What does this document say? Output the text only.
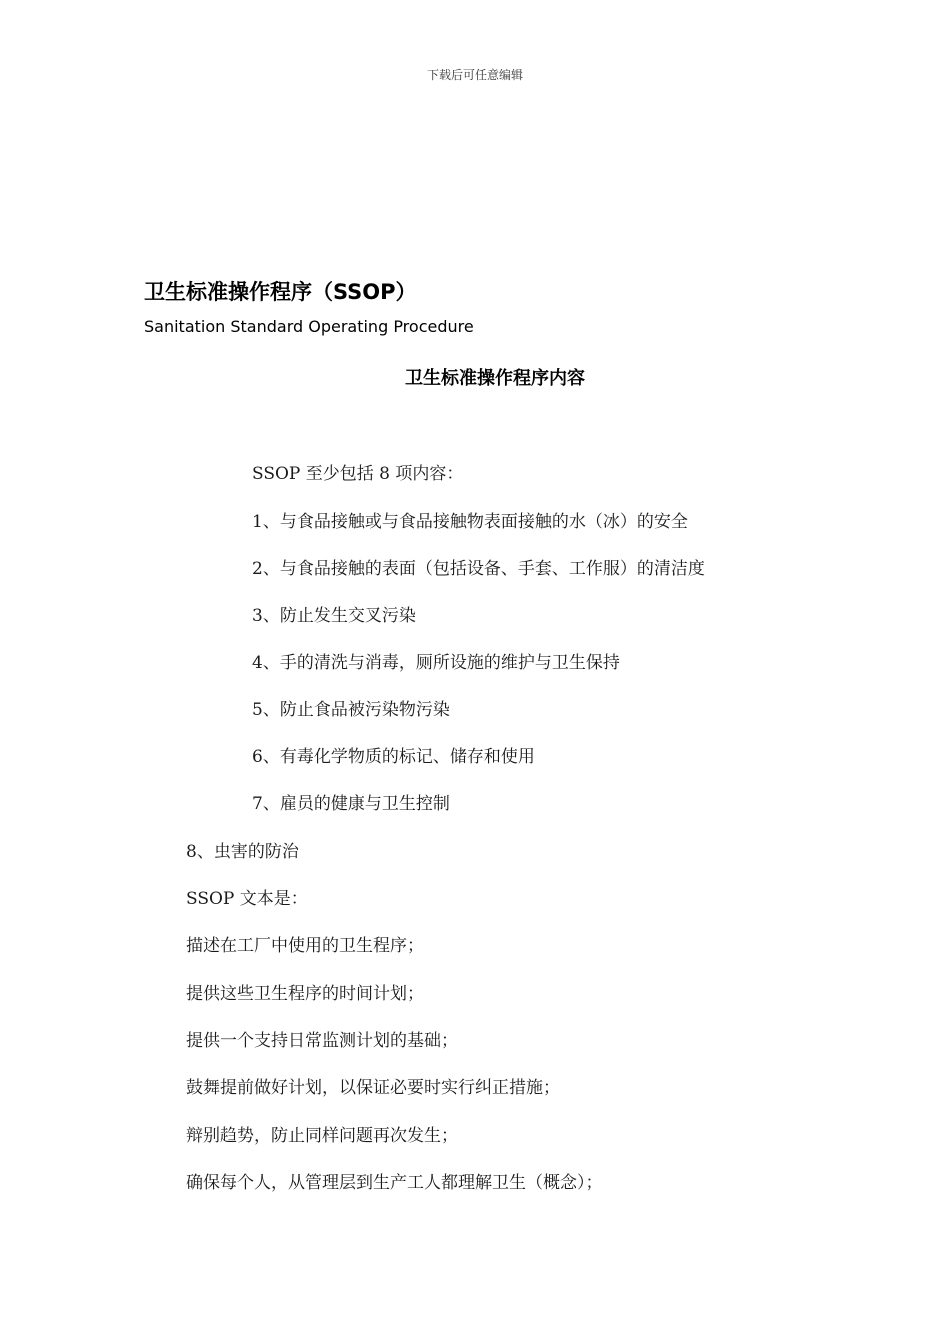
下载后可任意编辑
卫生标准操作程序（SSOP）
Sanitation Standard Operating Procedure
卫生标准操作程序内容
SSOP 至少包括 8 项内容：
1、与食品接触或与食品接触物表面接触的水（冰）的安全
2、与食品接触的表面（包括设备、手套、工作服）的清洁度
3、防止发生交叉污染
4、手的清洗与消毒，厕所设施的维护与卫生保持
5、防止食品被污染物污染
6、有毒化学物质的标记、储存和使用
7、雇员的健康与卫生控制
8、虫害的防治
SSOP 文本是：
描述在工厂中使用的卫生程序；
提供这些卫生程序的时间计划；
提供一个支持日常监测计划的基础；
鼓舞提前做好计划，以保证必要时实行纠正措施；
辩别趋势，防止同样问题再次发生；
确保每个人，从管理层到生产工人都理解卫生（概念）；
